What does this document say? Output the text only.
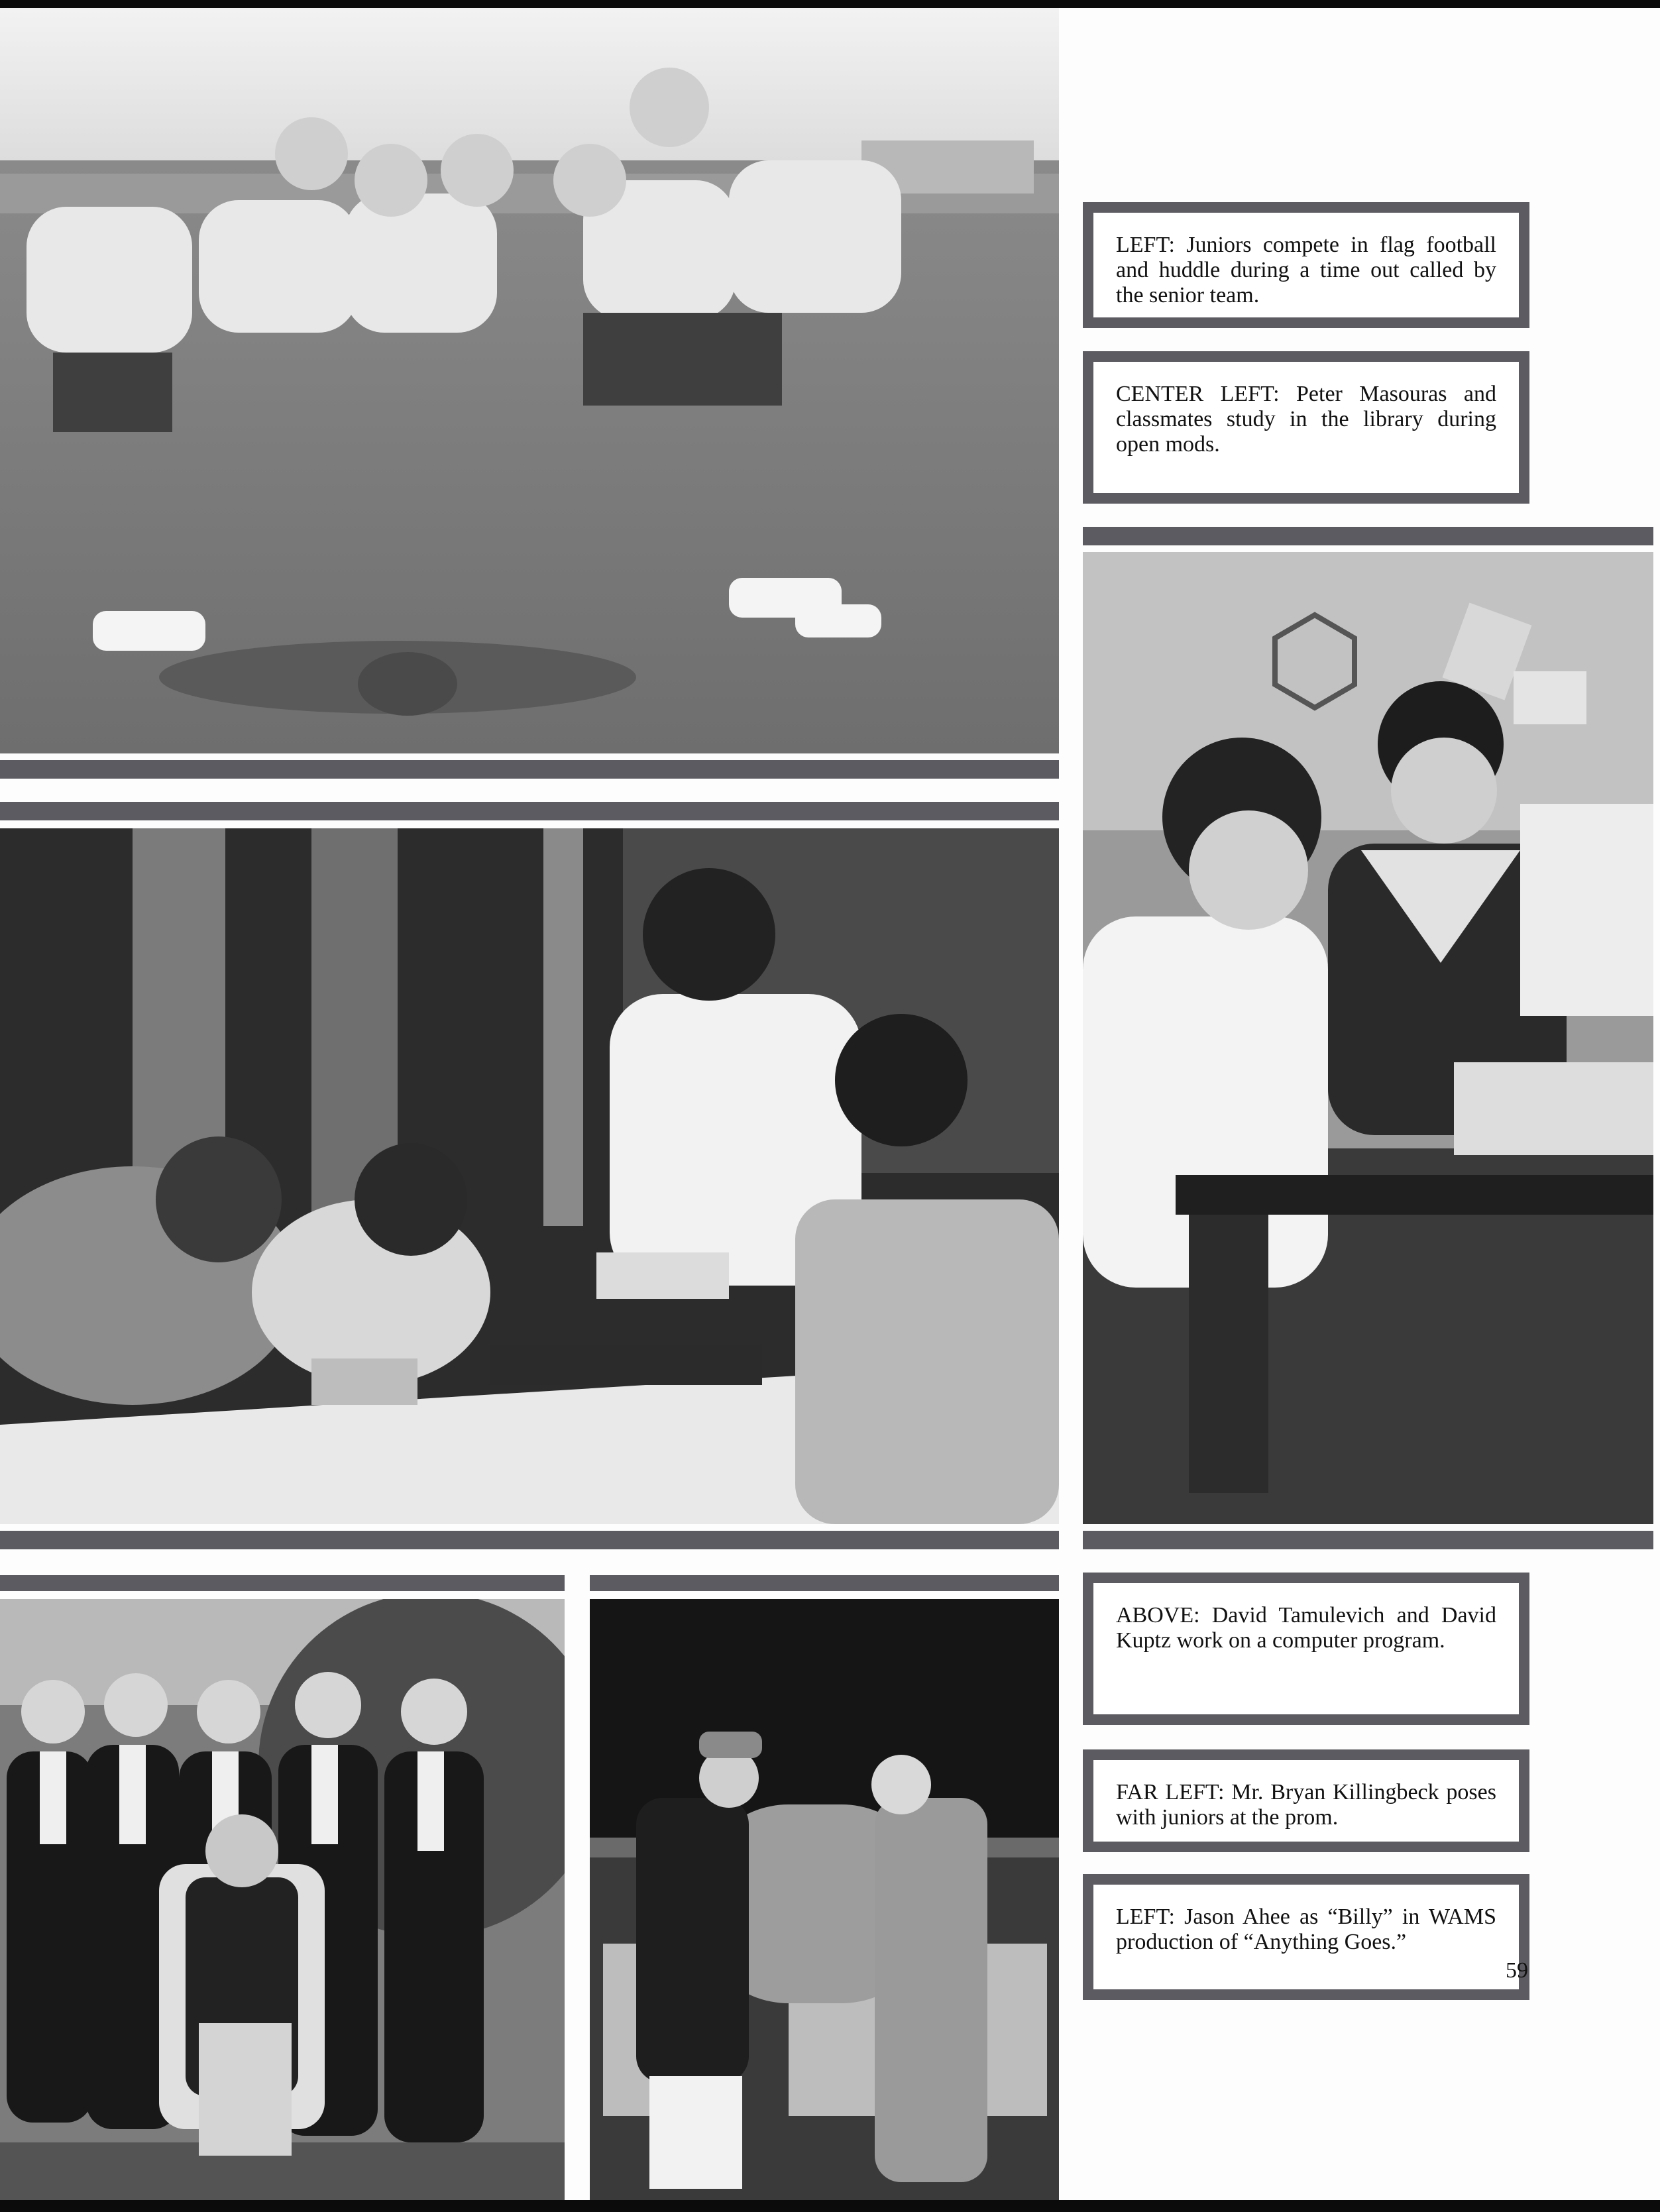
LEFT: Juniors compete in flag football and huddle during a time out called by the senior team.
CENTER LEFT: Peter Masouras and classmates study in the library during open mods.
ABOVE: David Tamulevich and David Kuptz work on a computer program.
FAR LEFT: Mr. Bryan Killingbeck poses with juniors at the prom.
LEFT: Jason Ahee as “Billy” in WAMS production of “Anything Goes.”
59
